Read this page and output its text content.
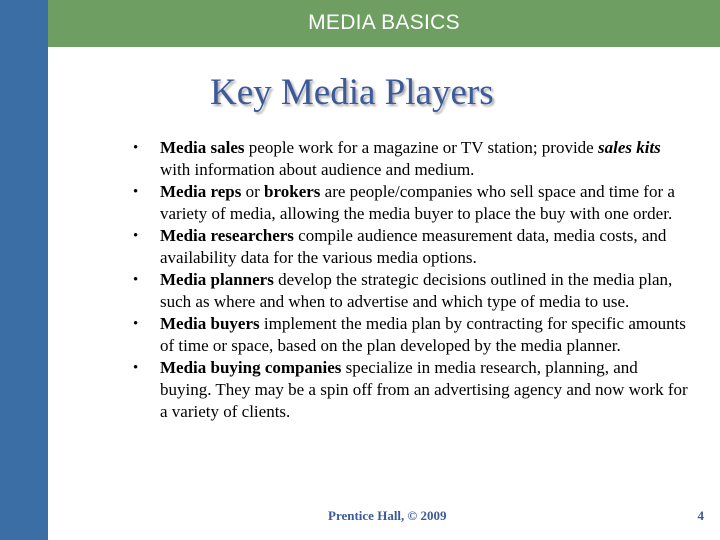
MEDIA BASICS
Key Media Players
• Media sales people work for a magazine or TV station; provide sales kits with information about audience and medium.
• Media reps or brokers are people/companies who sell space and time for a variety of media, allowing the media buyer to place the buy with one order.
• Media researchers compile audience measurement data, media costs, and availability data for the various media options.
• Media planners develop the strategic decisions outlined in the media plan, such as where and when to advertise and which type of media to use.
• Media buyers implement the media plan by contracting for specific amounts of time or space, based on the plan developed by the media planner.
• Media buying companies specialize in media research, planning, and buying. They may be a spin off from an advertising agency and now work for a variety of clients.
Prentice Hall, © 2009	4
